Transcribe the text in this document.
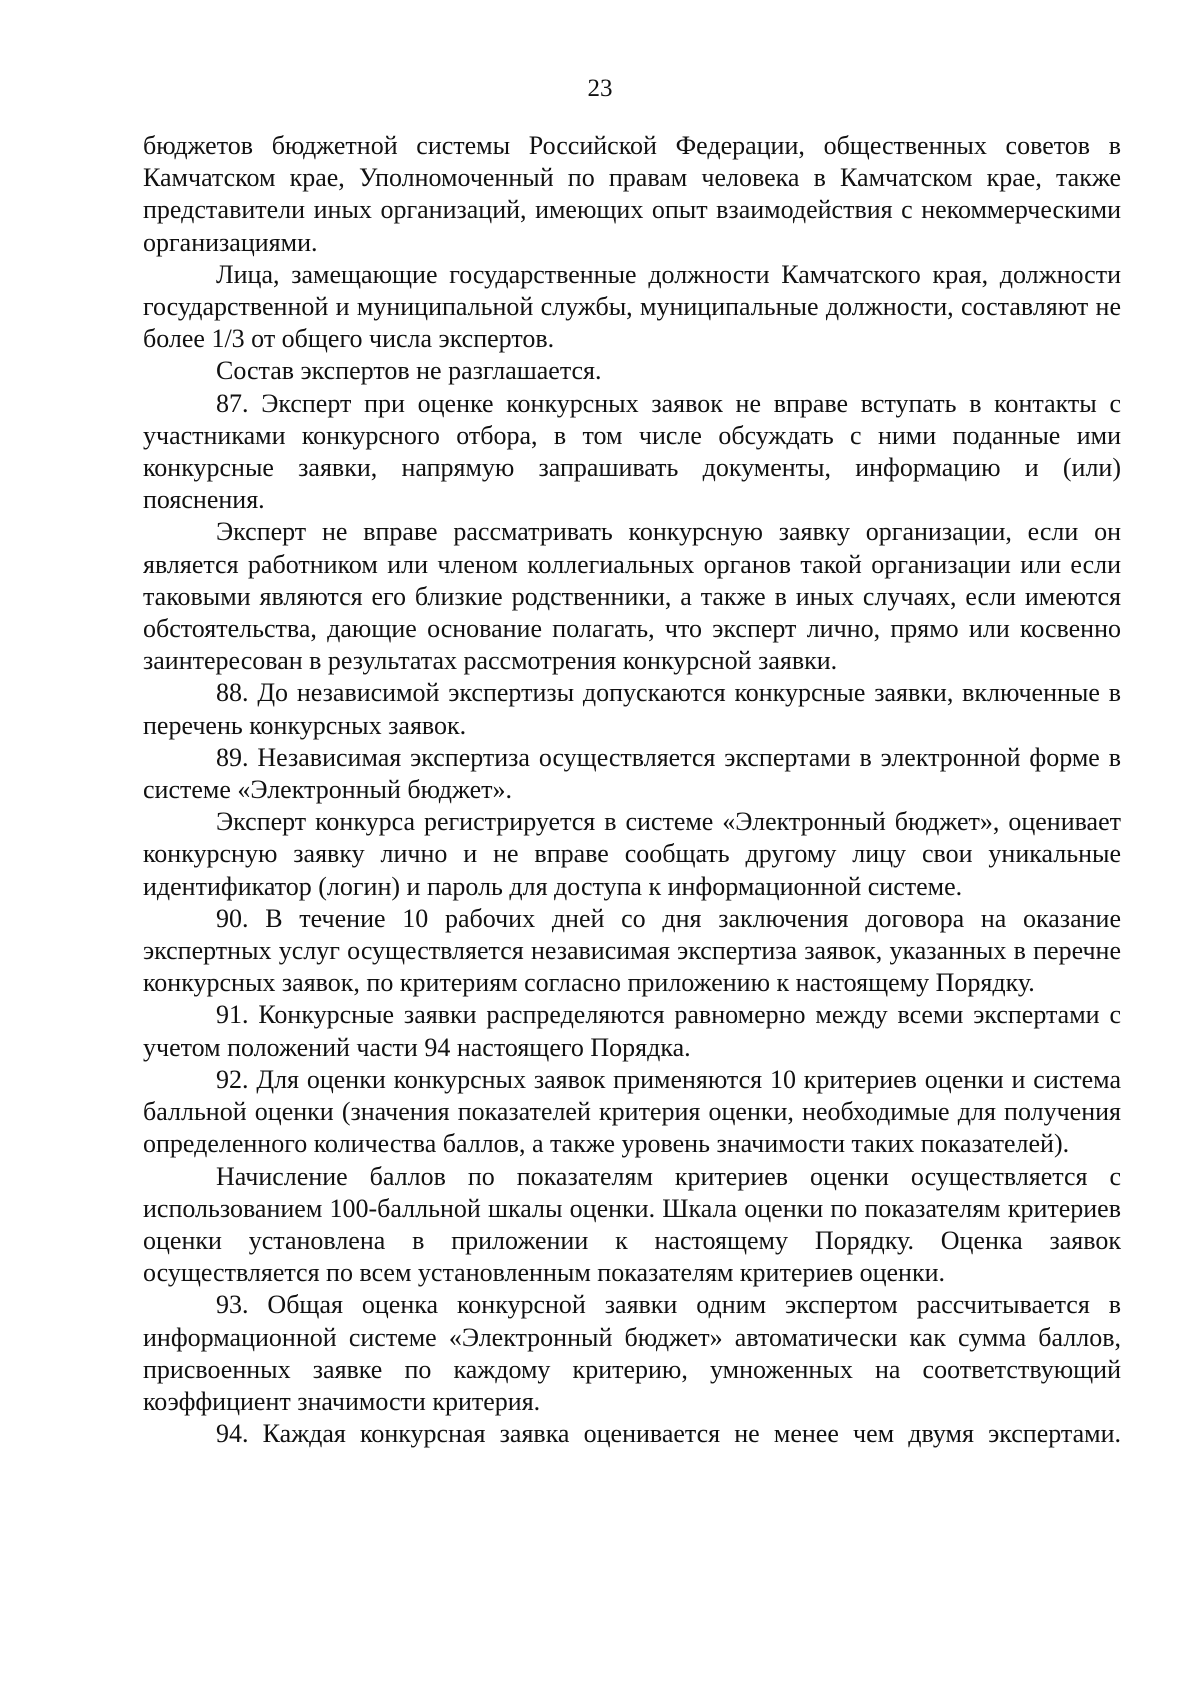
23

бюджетов бюджетной системы Российской Федерации, общественных советов в Камчатском крае, Уполномоченный по правам человека в Камчатском крае, также представители иных организаций, имеющих опыт взаимодействия с некоммерческими организациями.

Лица, замещающие государственные должности Камчатского края, должности государственной и муниципальной службы, муниципальные должности, составляют не более 1/3 от общего числа экспертов.

Состав экспертов не разглашается.

87. Эксперт при оценке конкурсных заявок не вправе вступать в контакты с участниками конкурсного отбора, в том числе обсуждать с ними поданные ими конкурсные заявки, напрямую запрашивать документы, информацию и (или) пояснения.

Эксперт не вправе рассматривать конкурсную заявку организации, если он является работником или членом коллегиальных органов такой организации или если таковыми являются его близкие родственники, а также в иных случаях, если имеются обстоятельства, дающие основание полагать, что эксперт лично, прямо или косвенно заинтересован в результатах рассмотрения конкурсной заявки.

88. До независимой экспертизы допускаются конкурсные заявки, включенные в перечень конкурсных заявок.

89. Независимая экспертиза осуществляется экспертами в электронной форме в системе «Электронный бюджет».

Эксперт конкурса регистрируется в системе «Электронный бюджет», оценивает конкурсную заявку лично и не вправе сообщать другому лицу свои уникальные идентификатор (логин) и пароль для доступа к информационной системе.

90. В течение 10 рабочих дней со дня заключения договора на оказание экспертных услуг осуществляется независимая экспертиза заявок, указанных в перечне конкурсных заявок, по критериям согласно приложению к настоящему Порядку.

91. Конкурсные заявки распределяются равномерно между всеми экспертами с учетом положений части 94 настоящего Порядка.

92. Для оценки конкурсных заявок применяются 10 критериев оценки и система балльной оценки (значения показателей критерия оценки, необходимые для получения определенного количества баллов, а также уровень значимости таких показателей).

Начисление баллов по показателям критериев оценки осуществляется с использованием 100-балльной шкалы оценки. Шкала оценки по показателям критериев оценки установлена в приложении к настоящему Порядку. Оценка заявок осуществляется по всем установленным показателям критериев оценки.

93. Общая оценка конкурсной заявки одним экспертом рассчитывается в информационной системе «Электронный бюджет» автоматически как сумма баллов, присвоенных заявке по каждому критерию, умноженных на соответствующий коэффициент значимости критерия.

94. Каждая конкурсная заявка оценивается не менее чем двумя экспертами.
